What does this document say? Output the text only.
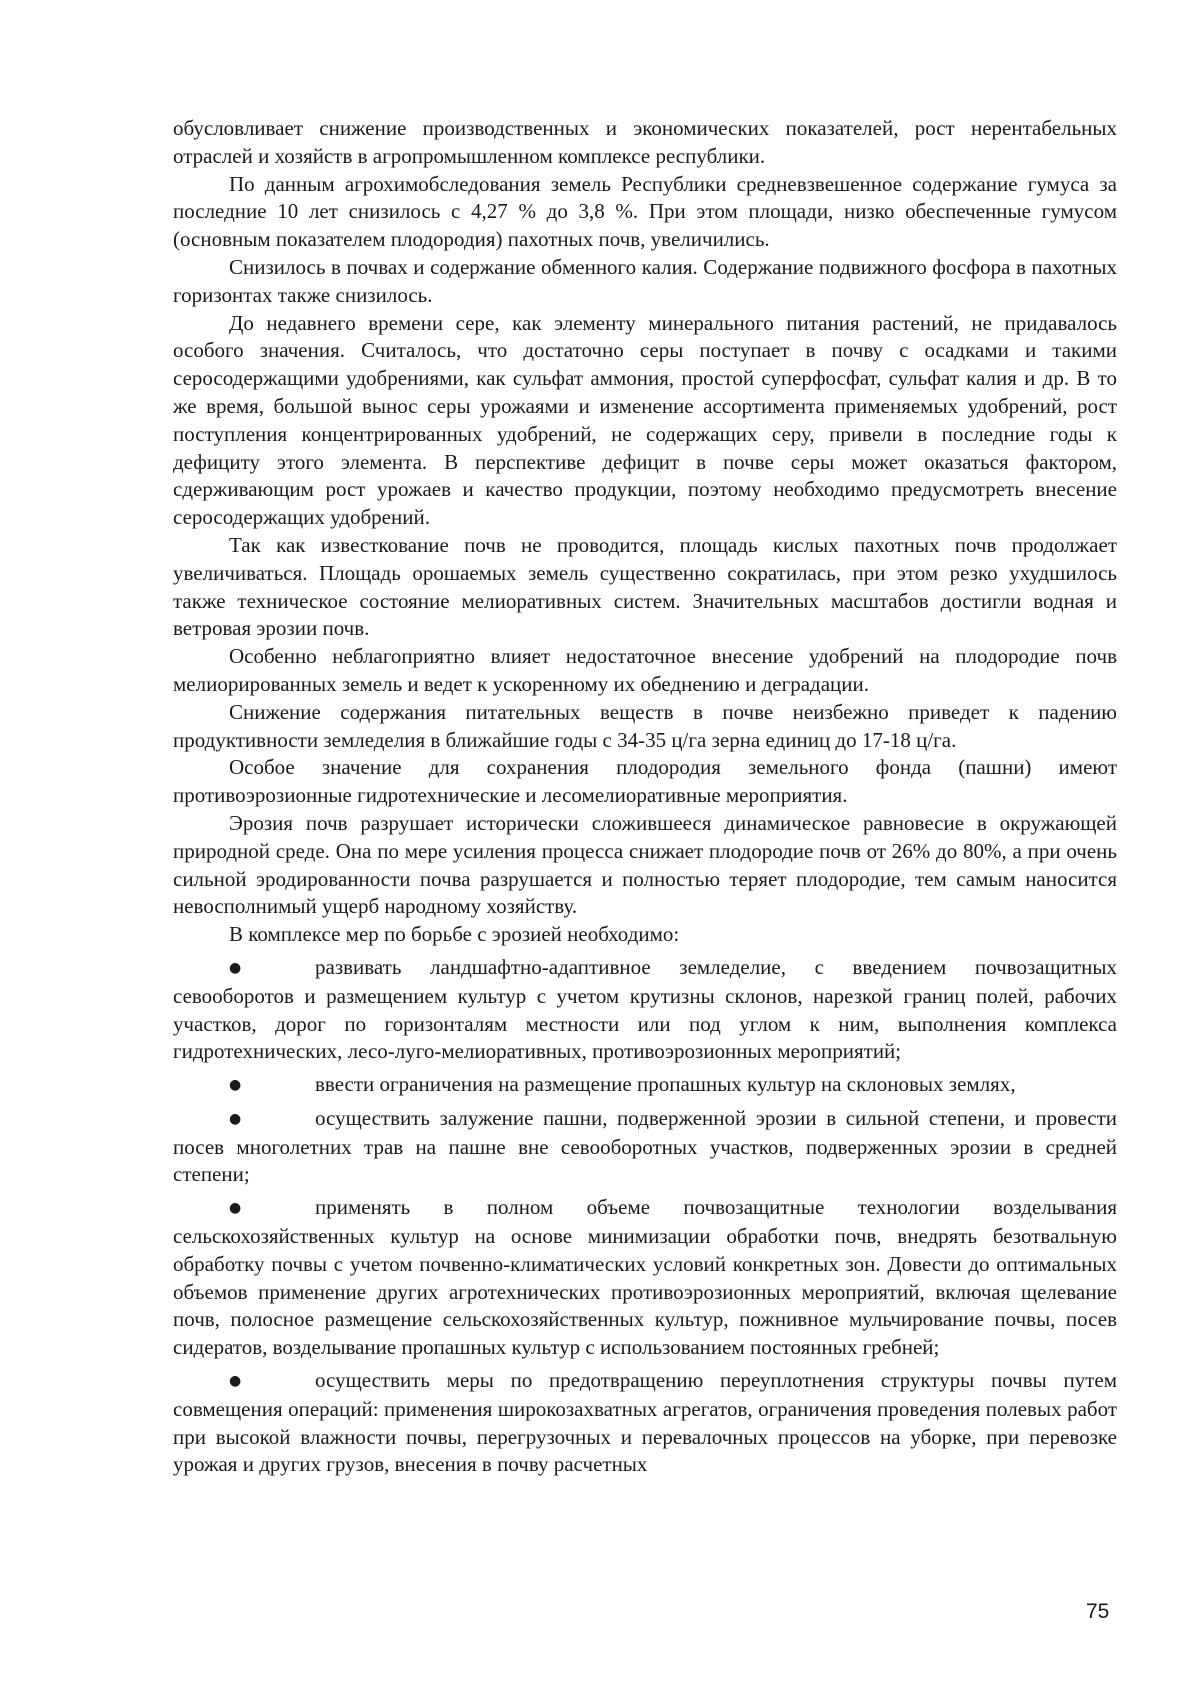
обусловливает снижение производственных и экономических показателей, рост нерентабельных отраслей и хозяйств в агропромышленном комплексе республики.

По данным агрохимобследования земель Республики средневзвешенное содержание гумуса за последние 10 лет снизилось с 4,27 % до 3,8 %. При этом площади, низко обеспеченные гумусом (основным показателем плодородия) пахотных почв, увеличились.

Снизилось в почвах и содержание обменного калия. Содержание подвижного фосфора в пахотных горизонтах также снизилось.

До недавнего времени сере, как элементу минерального питания растений, не придавалось особого значения. Считалось, что достаточно серы поступает в почву с осадками и такими серосодержащими удобрениями, как сульфат аммония, простой суперфосфат, сульфат калия и др. В то же время, большой вынос серы урожаями и изменение ассортимента применяемых удобрений, рост поступления концентрированных удобрений, не содержащих серу, привели в последние годы к дефициту этого элемента. В перспективе дефицит в почве серы может оказаться фактором, сдерживающим рост урожаев и качество продукции, поэтому необходимо предусмотреть внесение серосодержащих удобрений.

Так как известкование почв не проводится, площадь кислых пахотных почв продолжает увеличиваться. Площадь орошаемых земель существенно сократилась, при этом резко ухудшилось также техническое состояние мелиоративных систем. Значительных масштабов достигли водная и ветровая эрозии почв.

Особенно неблагоприятно влияет недостаточное внесение удобрений на плодородие почв мелиорированных земель и ведет к ускоренному их обеднению и деградации.

Снижение содержания питательных веществ в почве неизбежно приведет к падению продуктивности земледелия в ближайшие годы с 34-35 ц/га зерна единиц до 17-18 ц/га.

Особое значение для сохранения плодородия земельного фонда (пашни) имеют противоэрозионные гидротехнические и лесомелиоративные мероприятия.

Эрозия почв разрушает исторически сложившееся динамическое равновесие в окружающей природной среде. Она по мере усиления процесса снижает плодородие почв от 26% до 80%, а при очень сильной эродированности почва разрушается и полностью теряет плодородие, тем самым наносится невосполнимый ущерб народному хозяйству.

В комплексе мер по борьбе с эрозией необходимо:

●	развивать ландшафтно-адаптивное земледелие, с введением почвозащитных севооборотов и размещением культур с учетом крутизны склонов, нарезкой границ полей, рабочих участков, дорог по горизонталям местности или под углом к ним, выполнения комплекса гидротехнических, лесо-луго-мелиоративных, противоэрозионных мероприятий;
●	ввести ограничения на размещение пропашных культур на склоновых землях,
●	осуществить залужение пашни, подверженной эрозии в сильной степени, и провести посев многолетних трав на пашне вне севооборотных участков, подверженных эрозии в средней степени;
●	применять в полном объеме почвозащитные технологии возделывания сельскохозяйственных культур на основе минимизации обработки почв, внедрять безотвальную обработку почвы с учетом почвенно-климатических условий конкретных зон. Довести до оптимальных объемов применение других агротехнических противоэрозионных мероприятий, включая щелевание почв, полосное размещение сельскохозяйственных культур, пожнивное мульчирование почвы, посев сидератов, возделывание пропашных культур с использованием постоянных гребней;
●	осуществить меры по предотвращению переуплотнения структуры почвы путем совмещения операций: применения широкозахватных агрегатов, ограничения проведения полевых работ при высокой влажности почвы, перегрузочных и перевалочных процессов на уборке, при перевозке урожая и других грузов, внесения в почву расчетных
75
